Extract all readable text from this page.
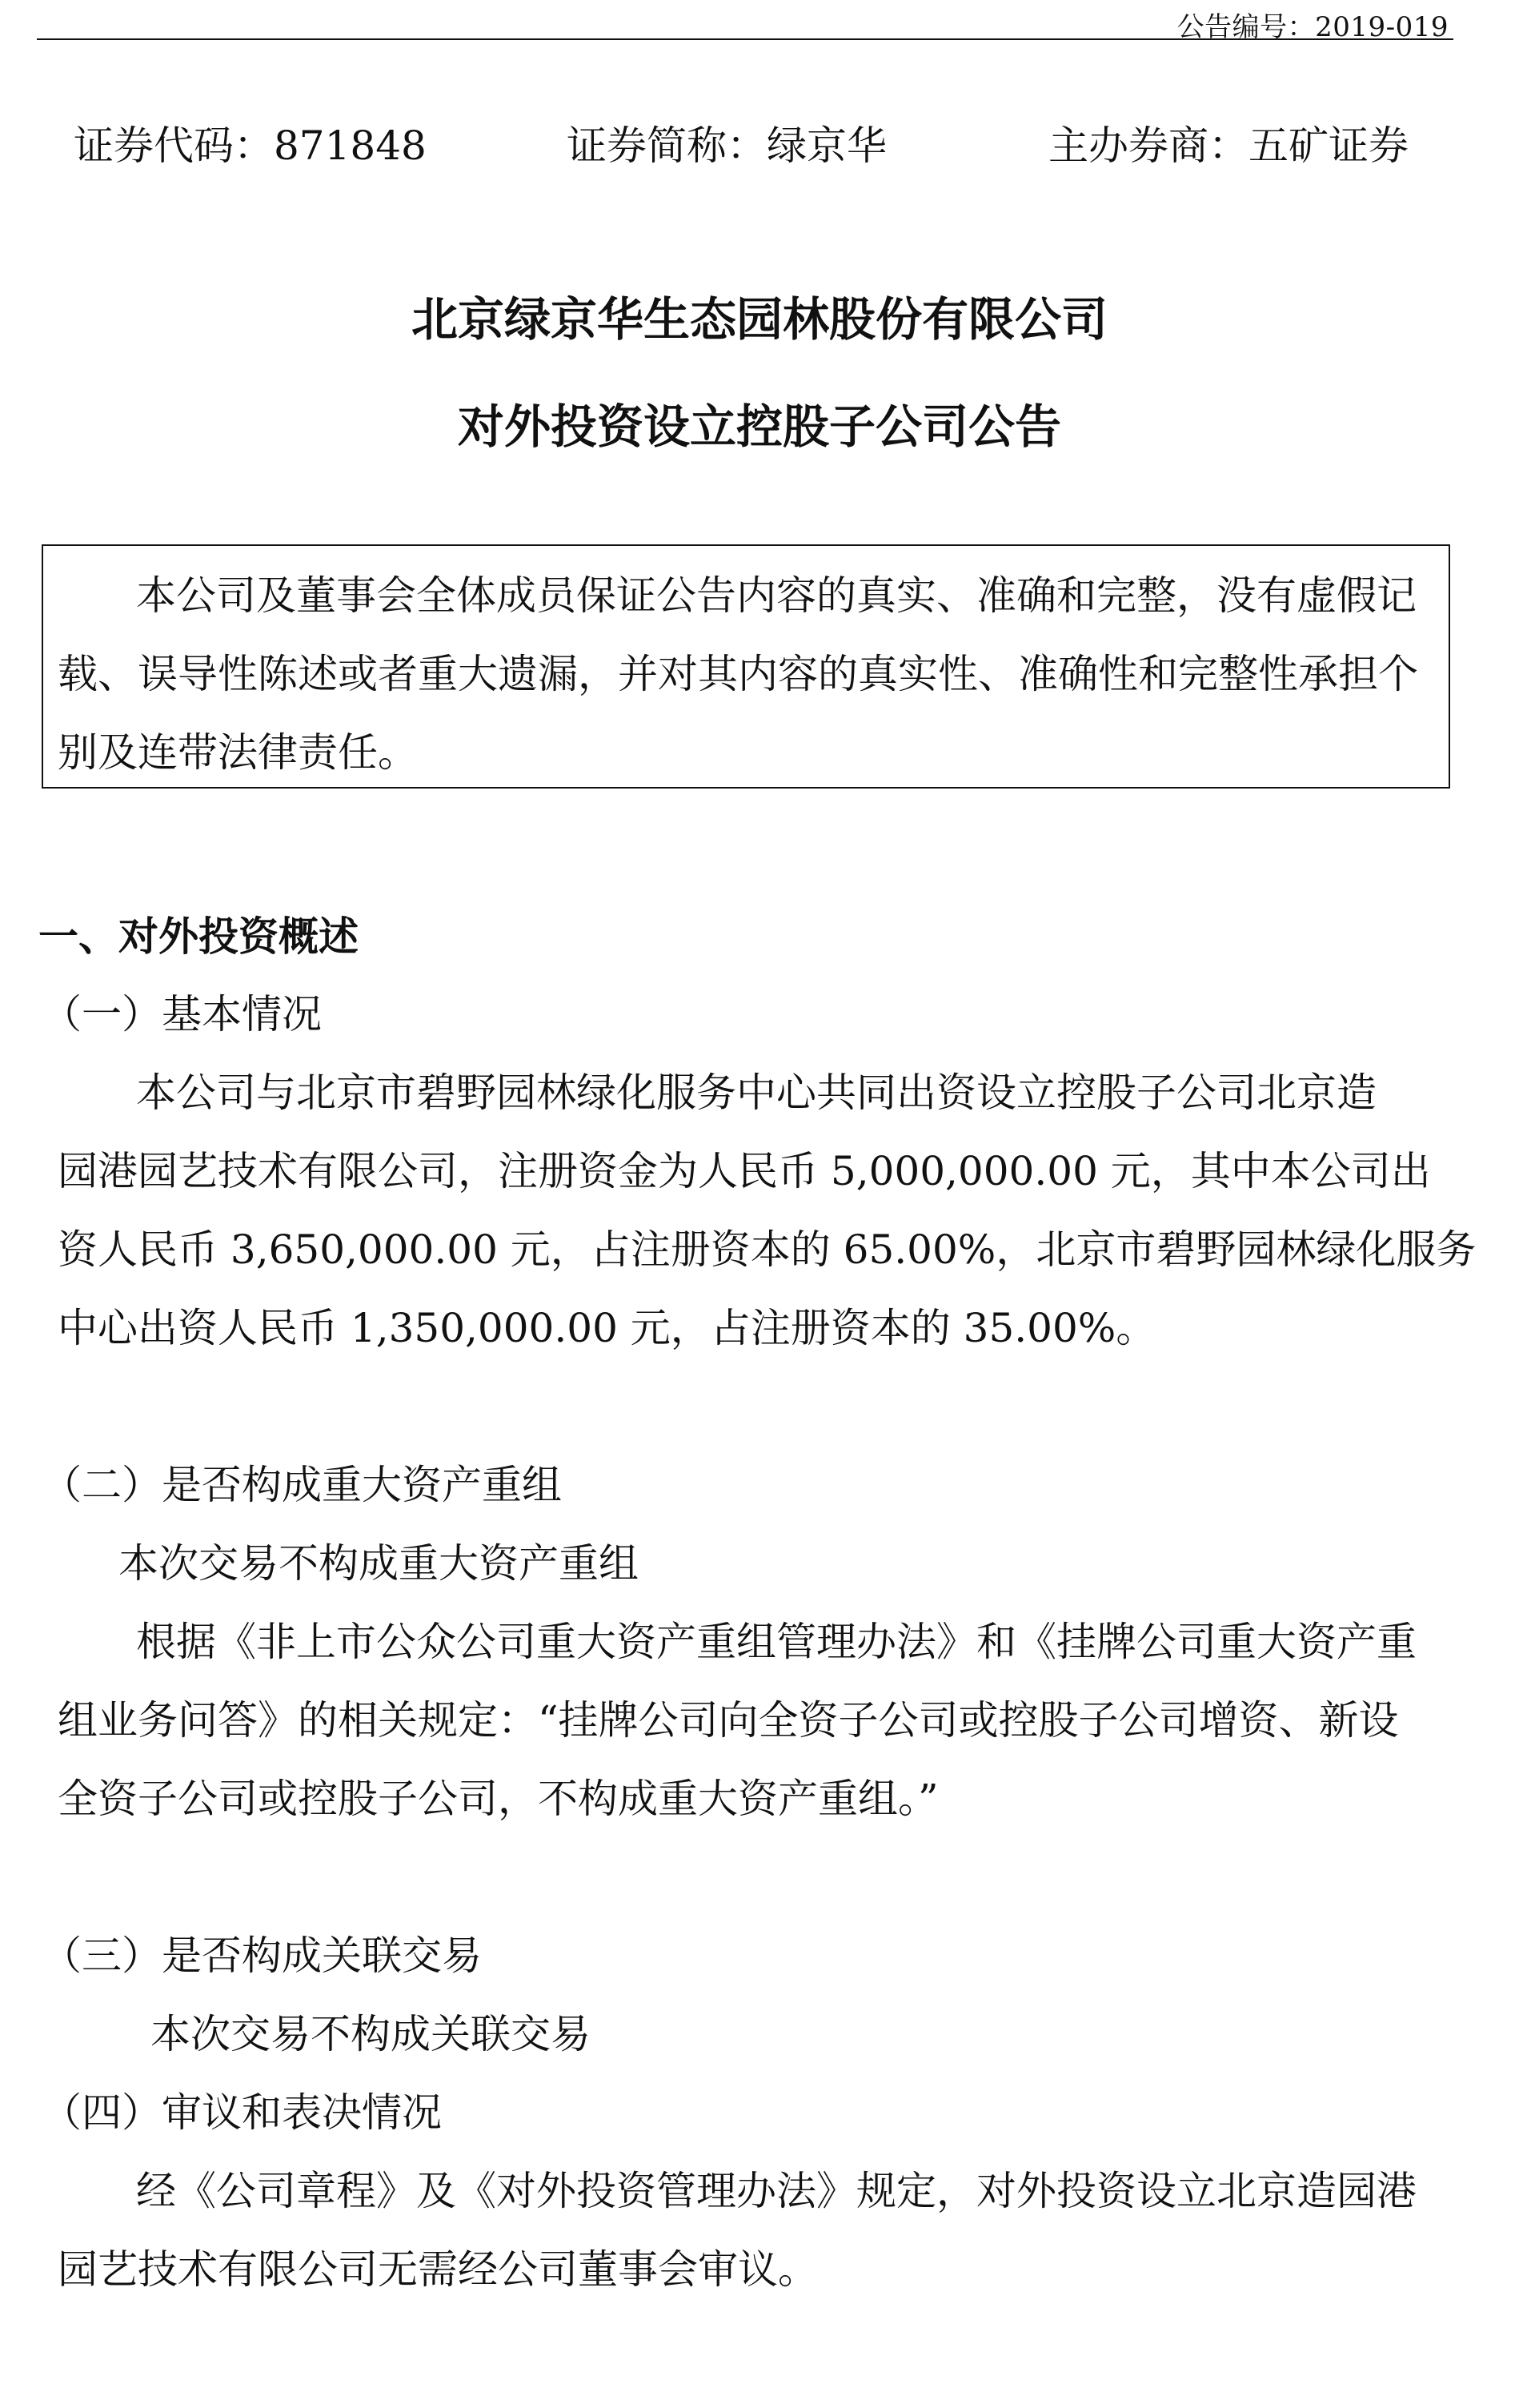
公告编号：2019-019
证券代码：871848	证券简称：绿京华	主办券商：五矿证券
北京绿京华生态园林股份有限公司
对外投资设立控股子公司公告
本公司及董事会全体成员保证公告内容的真实、准确和完整，没有虚假记
载、误导性陈述或者重大遗漏，并对其内容的真实性、准确性和完整性承担个
别及连带法律责任。
一、对外投资概述
（一）基本情况
本公司与北京市碧野园林绿化服务中心共同出资设立控股子公司北京造
园港园艺技术有限公司，注册资金为人民币 5,000,000.00 元，其中本公司出
资人民币 3,650,000.00 元，占注册资本的 65.00%，北京市碧野园林绿化服务
中心出资人民币 1,350,000.00 元，占注册资本的 35.00%。
（二）是否构成重大资产重组
本次交易不构成重大资产重组
根据《非上市公众公司重大资产重组管理办法》和《挂牌公司重大资产重
组业务问答》的相关规定：“挂牌公司向全资子公司或控股子公司增资、新设
全资子公司或控股子公司，不构成重大资产重组。”
（三）是否构成关联交易
本次交易不构成关联交易
（四）审议和表决情况
经《公司章程》及《对外投资管理办法》规定，对外投资设立北京造园港
园艺技术有限公司无需经公司董事会审议。
